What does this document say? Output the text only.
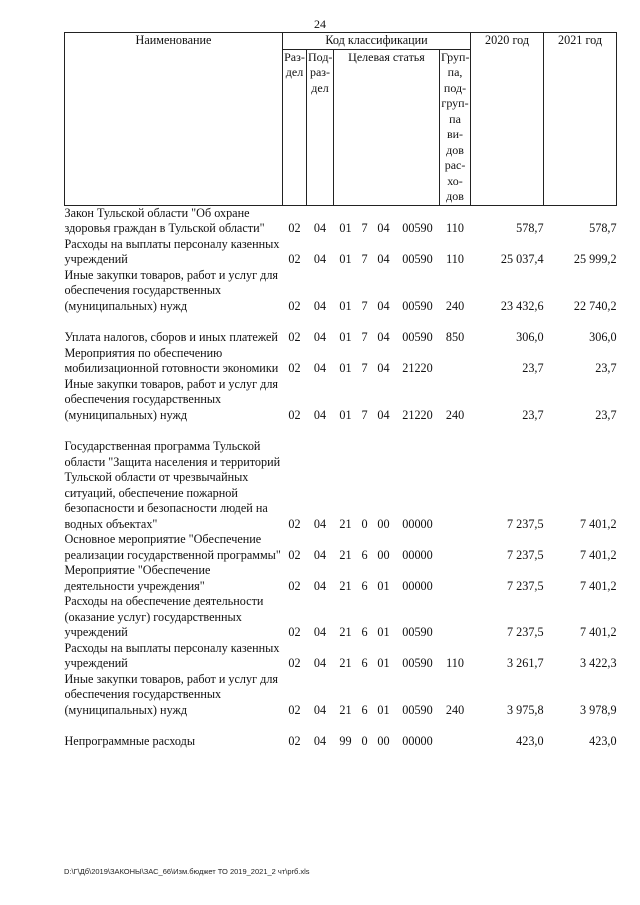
24
Наименование	Код классификации							2020 год	2021 год
	Раз-дел	Под-раз-дел	Целевая статья				Груп-па, под-груп-па ви-дов рас-хо-дов		
Закон Тульской области "Об охране здоровья граждан в Тульской области"	02	04	01	7	04	00590	110	578,7	578,7
Расходы на выплаты персоналу казенных учреждений	02	04	01	7	04	00590	110	25 037,4	25 999,2
Иные закупки товаров, работ и услуг для обеспечения государственных (муниципальных) нужд	02	04	01	7	04	00590	240	23 432,6	22 740,2

Уплата налогов, сборов и иных платежей	02	04	01	7	04	00590	850	306,0	306,0
Мероприятия по обеспечению мобилизационной готовности экономики	02	04	01	7	04	21220		23,7	23,7
Иные закупки товаров, работ и услуг для обеспечения государственных (муниципальных) нужд	02	04	01	7	04	21220	240	23,7	23,7

Государственная программа Тульской области "Защита населения и территорий Тульской области от чрезвычайных ситуаций, обеспечение пожарной безопасности и безопасности людей на водных объектах"	02	04	21	0	00	00000		7 237,5	7 401,2
Основное мероприятие "Обеспечение реализации государственной программы"	02	04	21	6	00	00000		7 237,5	7 401,2
Мероприятие "Обеспечение деятельности учреждения"	02	04	21	6	01	00000		7 237,5	7 401,2
Расходы на обеспечение деятельности (оказание услуг) государственных учреждений	02	04	21	6	01	00590		7 237,5	7 401,2
Расходы на выплаты персоналу казенных учреждений	02	04	21	6	01	00590	110	3 261,7	3 422,3
Иные закупки товаров, работ и услуг для обеспечения государственных (муниципальных) нужд	02	04	21	6	01	00590	240	3 975,8	3 978,9

Непрограммные расходы	02	04	99	0	00	00000		423,0	423,0
D:\Г\Дб\2019\ЗАКОНЫ\ЗАС_66\Изм.бюджет ТО 2019_2021_2 чт\prб.xls
